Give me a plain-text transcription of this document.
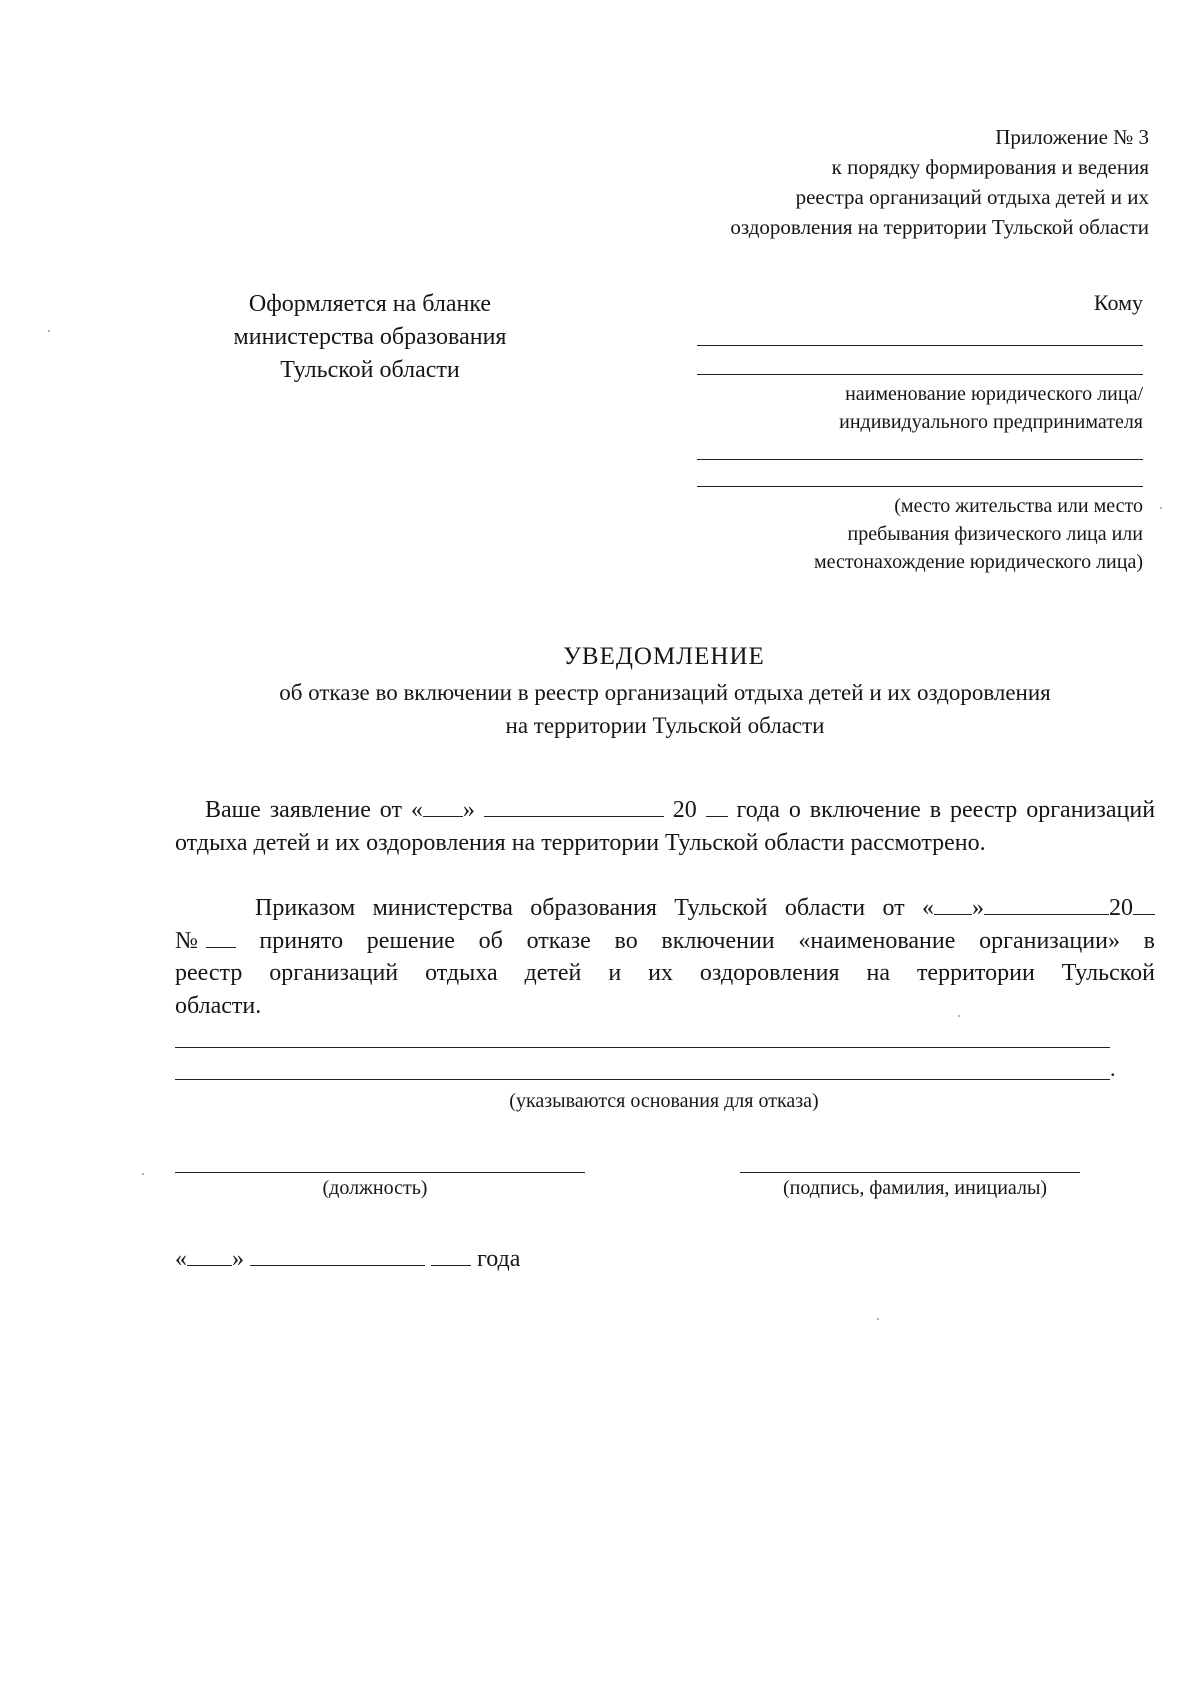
Приложение № 3
к порядку формирования и ведения
реестра организаций отдыха детей и их
оздоровления на территории Тульской области
Оформляется на бланке
министерства образования
Тульской области
Кому
наименование юридического лица/
индивидуального предпринимателя
(место жительства или место
пребывания физического лица или
местонахождение юридического лица)
УВЕДОМЛЕНИЕ
об отказе во включении в реестр организаций отдыха детей и их оздоровления
на территории Тульской области
Ваше заявление от « »	20 года о включение в реестр организаций отдыха детей и их оздоровления на территории Тульской области рассмотрено.
Приказом министерства образования Тульской области от « »	20 № принято решение об отказе во включении «наименование организации» в реестр организаций отдыха детей и их оздоровления на территории Тульской области.
.
(указываются основания для отказа)
(должность)	(подпись, фамилия, инициалы)
« »	года
